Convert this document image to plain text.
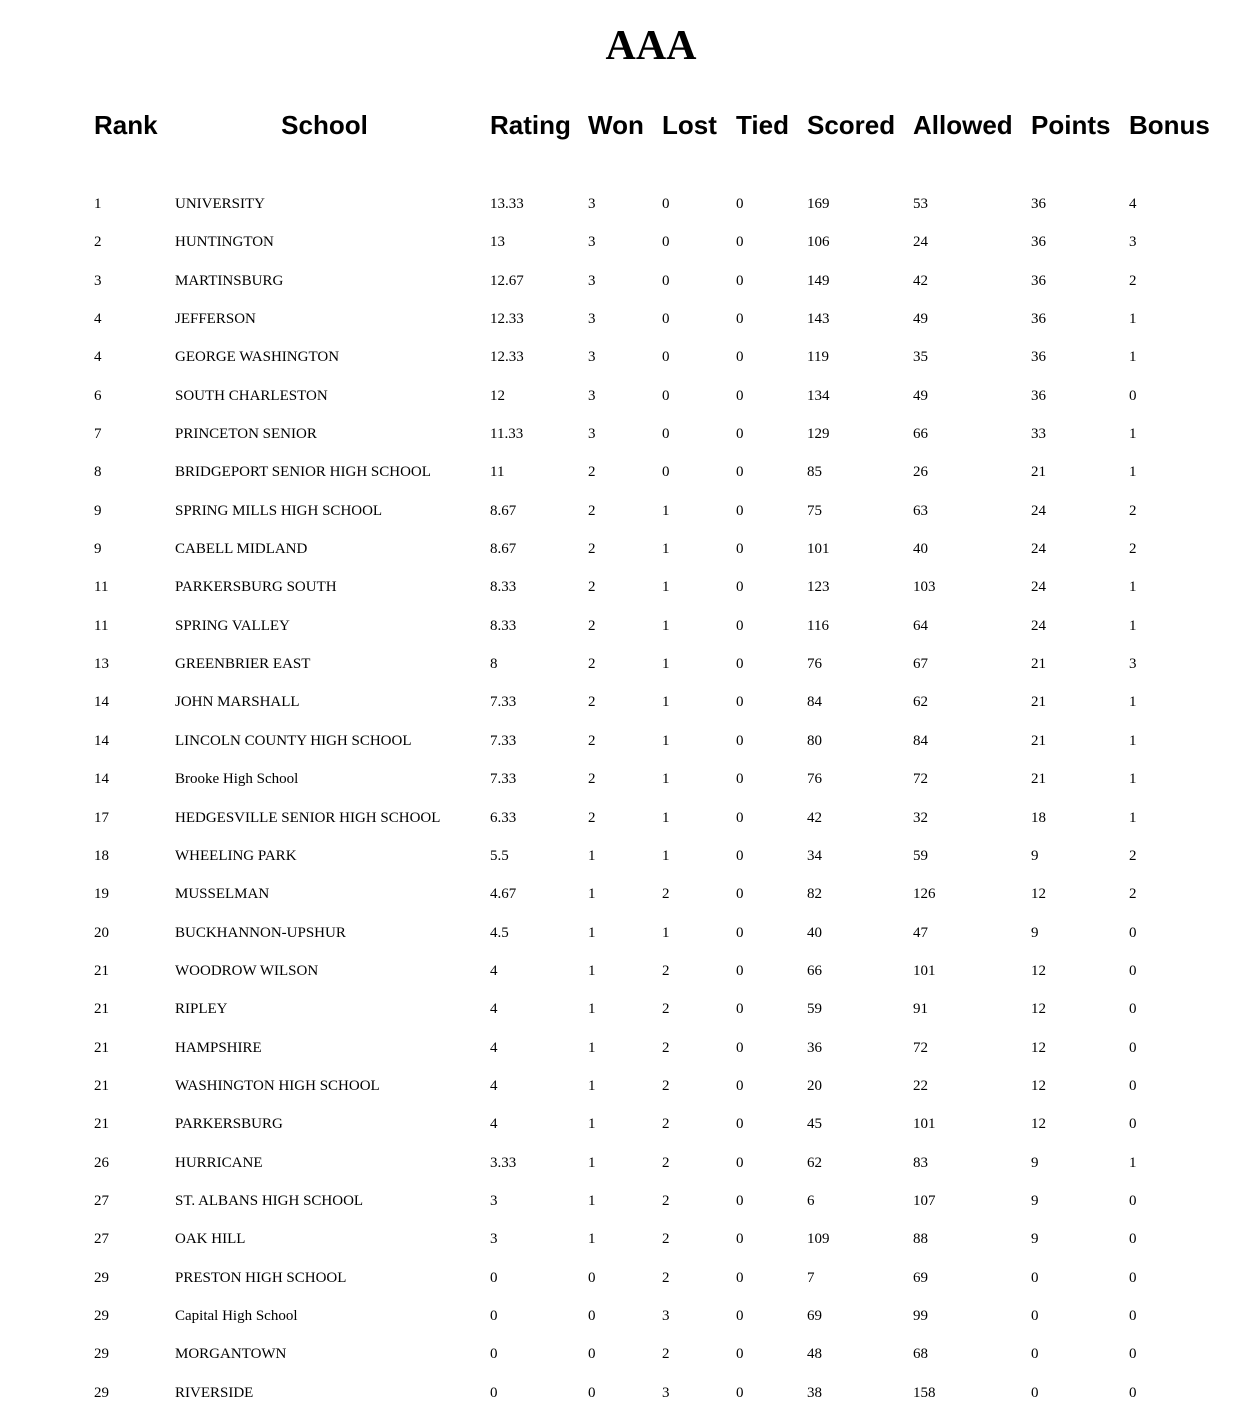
AAA
Rank	School	Rating	Won	Lost	Tied	Scored	Allowed	Points	Bonus

1	UNIVERSITY	13.33	3	0	0	169	53	36	4
2	HUNTINGTON	13	3	0	0	106	24	36	3
3	MARTINSBURG	12.67	3	0	0	149	42	36	2
4	JEFFERSON	12.33	3	0	0	143	49	36	1
4	GEORGE WASHINGTON	12.33	3	0	0	119	35	36	1
6	SOUTH CHARLESTON	12	3	0	0	134	49	36	0
7	PRINCETON SENIOR	11.33	3	0	0	129	66	33	1
8	BRIDGEPORT SENIOR HIGH SCHOOL	11	2	0	0	85	26	21	1
9	SPRING MILLS HIGH SCHOOL	8.67	2	1	0	75	63	24	2
9	CABELL MIDLAND	8.67	2	1	0	101	40	24	2
11	PARKERSBURG SOUTH	8.33	2	1	0	123	103	24	1
11	SPRING VALLEY	8.33	2	1	0	116	64	24	1
13	GREENBRIER EAST	8	2	1	0	76	67	21	3
14	JOHN MARSHALL	7.33	2	1	0	84	62	21	1
14	LINCOLN COUNTY HIGH SCHOOL	7.33	2	1	0	80	84	21	1
14	Brooke High School	7.33	2	1	0	76	72	21	1
17	HEDGESVILLE SENIOR HIGH SCHOOL	6.33	2	1	0	42	32	18	1
18	WHEELING PARK	5.5	1	1	0	34	59	9	2
19	MUSSELMAN	4.67	1	2	0	82	126	12	2
20	BUCKHANNON-UPSHUR	4.5	1	1	0	40	47	9	0
21	WOODROW WILSON	4	1	2	0	66	101	12	0
21	RIPLEY	4	1	2	0	59	91	12	0
21	HAMPSHIRE	4	1	2	0	36	72	12	0
21	WASHINGTON HIGH SCHOOL	4	1	2	0	20	22	12	0
21	PARKERSBURG	4	1	2	0	45	101	12	0
26	HURRICANE	3.33	1	2	0	62	83	9	1
27	ST. ALBANS HIGH SCHOOL	3	1	2	0	6	107	9	0
27	OAK HILL	3	1	2	0	109	88	9	0
29	PRESTON HIGH SCHOOL	0	0	2	0	7	69	0	0
29	Capital High School	0	0	3	0	69	99	0	0
29	MORGANTOWN	0	0	2	0	48	68	0	0
29	RIVERSIDE	0	0	3	0	38	158	0	0
